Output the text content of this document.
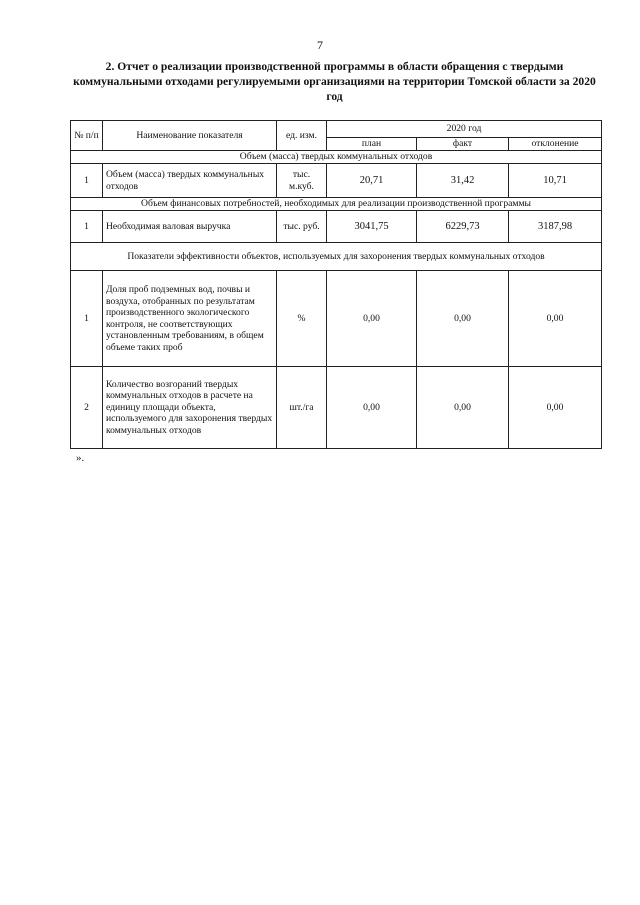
7
2. Отчет о реализации производственной программы в области обращения с твердыми коммунальными отходами регулируемыми организациями на территории Томской области за 2020 год
№ п/п	Наименование показателя	ед. изм.	2020 год		
			план	факт	отклонение
Объем (масса) твердых коммунальных отходов					
1	Объем (масса) твердых коммунальных отходов	тыс. м.куб.	20,71	31,42	10,71
Объем финансовых потребностей, необходимых для реализации производственной программы					
1	Необходимая валовая выручка	тыс. руб.	3041,75	6229,73	3187,98
Показатели эффективности объектов, используемых для захоронения твердых коммунальных отходов					
1	Доля проб подземных вод, почвы и воздуха, отобранных по результатам производственного экологического контроля, не соответствующих установленным требованиям, в общем объеме таких проб	%	0,00	0,00	0,00
2	Количество возгораний твердых коммунальных отходов в расчете на единицу площади объекта, используемого для захоронения твердых коммунальных отходов	шт./га	0,00	0,00	0,00
».
